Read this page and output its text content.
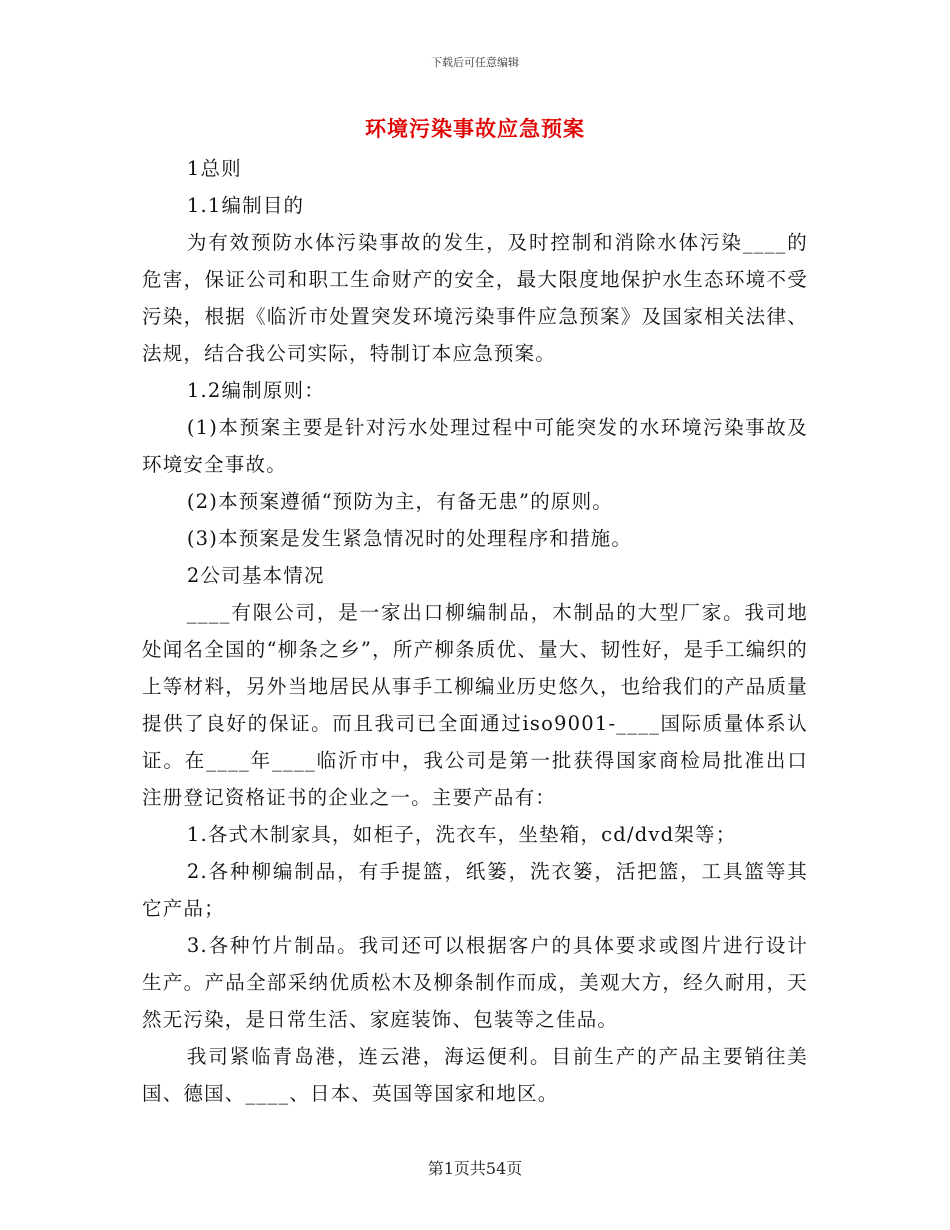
下载后可任意编辑
环境污染事故应急预案

1总则

1.1编制目的

为有效预防水体污染事故的发生，及时控制和消除水体污染____的危害，保证公司和职工生命财产的安全，最大限度地保护水生态环境不受污染，根据《临沂市处置突发环境污染事件应急预案》及国家相关法律、法规，结合我公司实际，特制订本应急预案。

1.2编制原则：

(1)本预案主要是针对污水处理过程中可能突发的水环境污染事故及环境安全事故。

(2)本预案遵循“预防为主，有备无患”的原则。

(3)本预案是发生紧急情况时的处理程序和措施。

2公司基本情况

____有限公司，是一家出口柳编制品，木制品的大型厂家。我司地处闻名全国的“柳条之乡”，所产柳条质优、量大、韧性好，是手工编织的上等材料，另外当地居民从事手工柳编业历史悠久，也给我们的产品质量提供了良好的保证。而且我司已全面通过iso9001-____国际质量体系认证。在____年____临沂市中，我公司是第一批获得国家商检局批准出口注册登记资格证书的企业之一。主要产品有：

1.各式木制家具，如柜子，洗衣车，坐垫箱，cd/dvd架等；

2.各种柳编制品，有手提篮，纸篓，洗衣篓，活把篮，工具篮等其它产品；

3.各种竹片制品。我司还可以根据客户的具体要求或图片进行设计生产。产品全部采纳优质松木及柳条制作而成，美观大方，经久耐用，天然无污染，是日常生活、家庭装饰、包装等之佳品。

我司紧临青岛港，连云港，海运便利。目前生产的产品主要销往美国、德国、____、日本、英国等国家和地区。

第1页共54页
